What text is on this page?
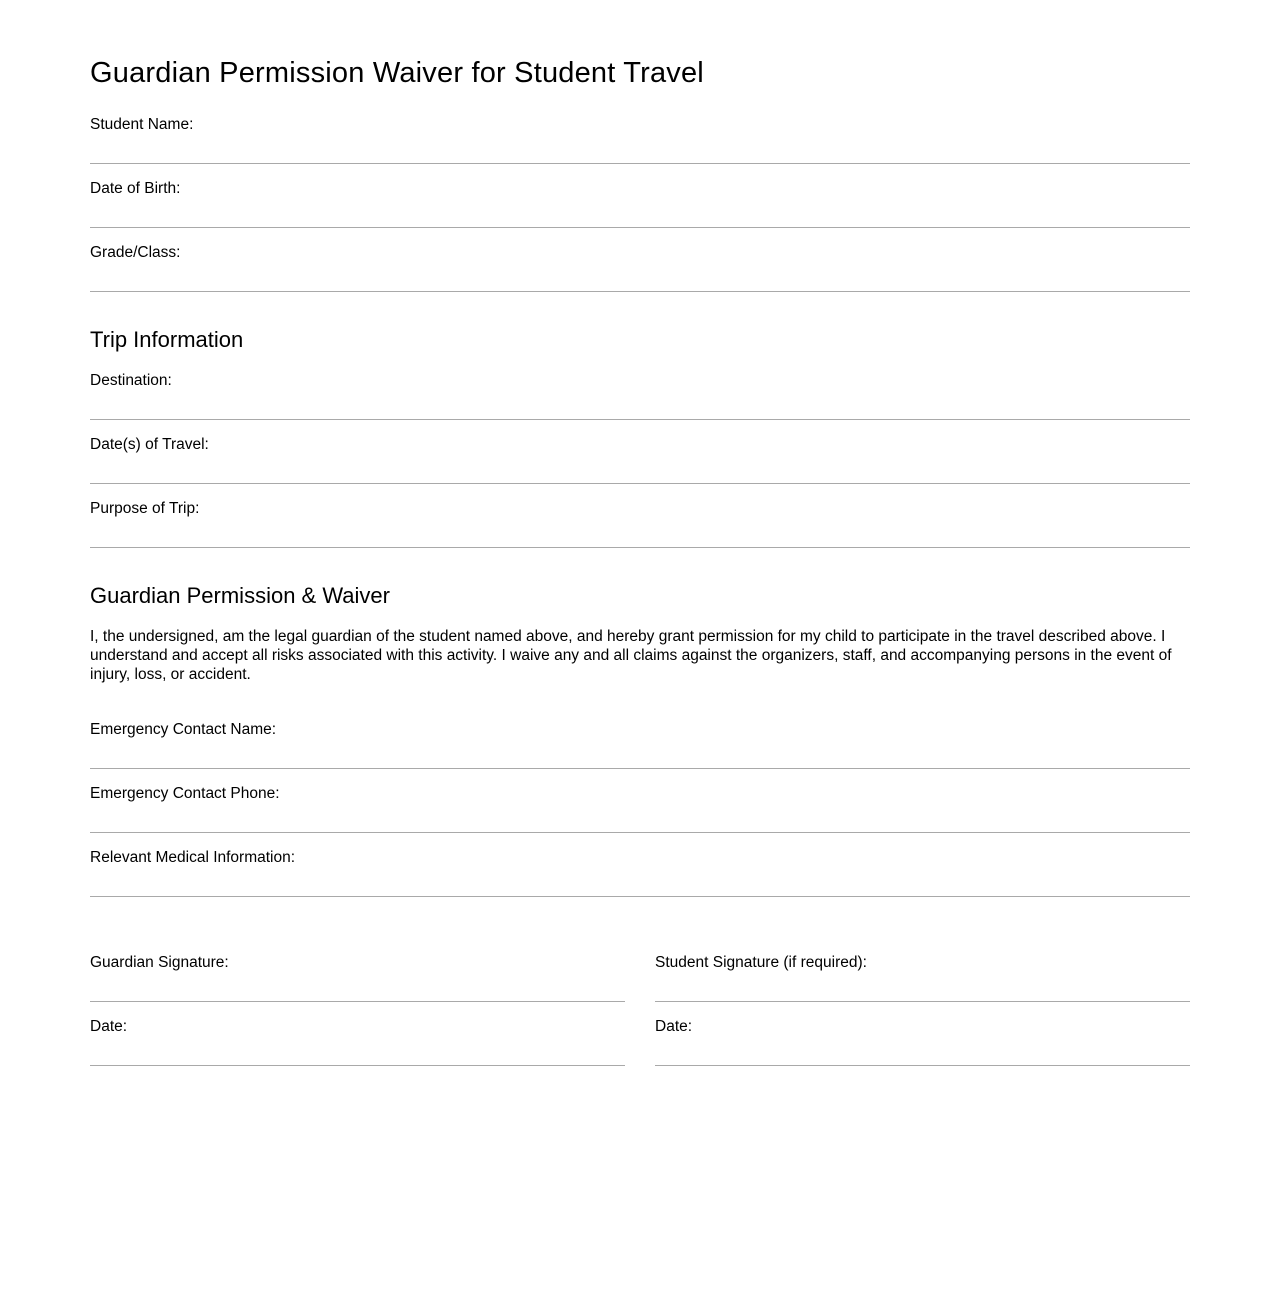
Guardian Permission Waiver for Student Travel
Student Name:
Date of Birth:
Grade/Class:
Trip Information
Destination:
Date(s) of Travel:
Purpose of Trip:
Guardian Permission & Waiver

I, the undersigned, am the legal guardian of the student named above, and hereby grant permission for my child to participate in the travel described above. I understand and accept all risks associated with this activity. I waive any and all claims against the organizers, staff, and accompanying persons in the event of injury, loss, or accident.

Emergency Contact Name:
Emergency Contact Phone:
Relevant Medical Information:
Guardian Signature:
Date:
Student Signature (if required):
Date:
